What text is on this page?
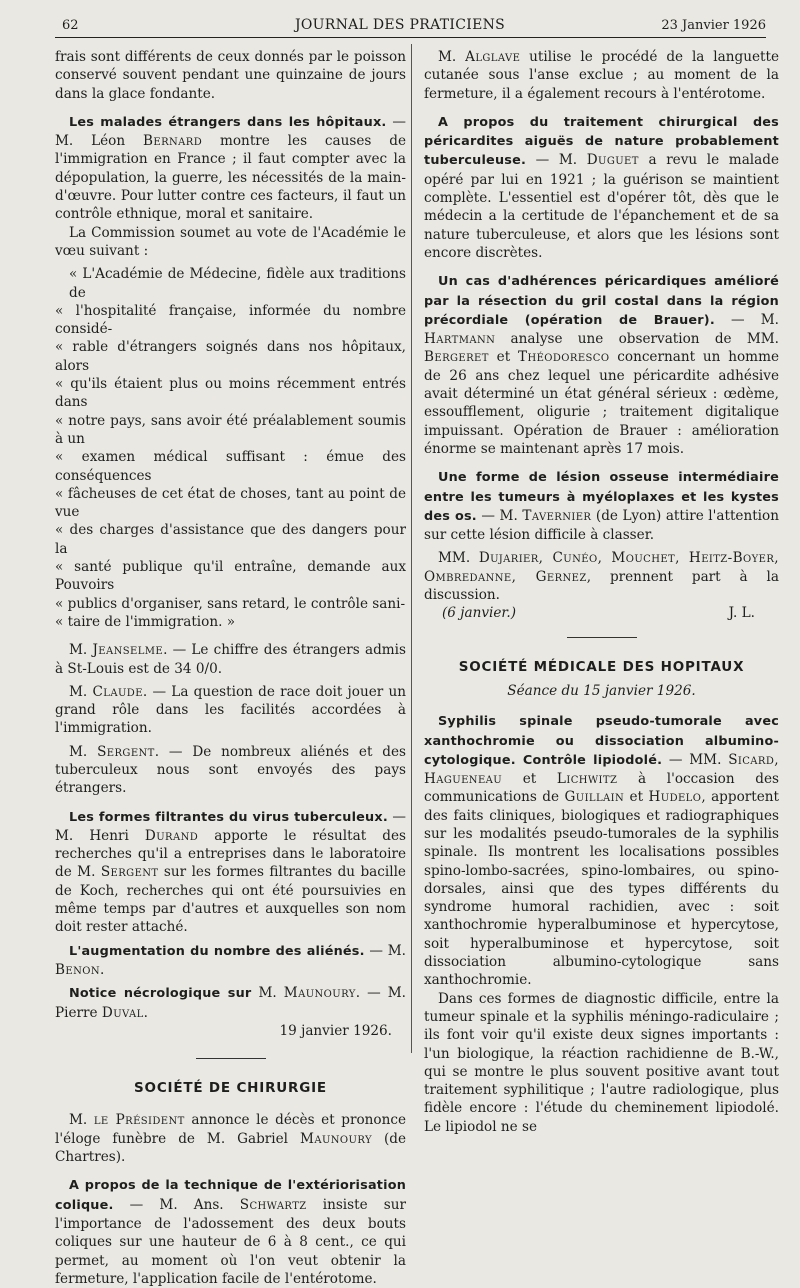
62	JOURNAL DES PRATICIENS	23 Janvier 1926

frais sont différents de ceux donnés par le poisson conservé souvent pendant une quinzaine de jours dans la glace fondante.

Les malades étrangers dans les hôpitaux. — M. Léon Bernard montre les causes de l'immigration en France ; il faut compter avec la dépopulation, la guerre, les nécessités de la main-d'œuvre. Pour lutter contre ces facteurs, il faut un contrôle ethnique, moral et sanitaire.

La Commission soumet au vote de l'Académie le vœu suivant :

« L'Académie de Médecine, fidèle aux traditions de
« l'hospitalité française, informée du nombre considé-
« rable d'étrangers soignés dans nos hôpitaux, alors
« qu'ils étaient plus ou moins récemment entrés dans
« notre pays, sans avoir été préalablement soumis à un
« examen médical suffisant : émue des conséquences
« fâcheuses de cet état de choses, tant au point de vue
« des charges d'assistance que des dangers pour la
« santé publique qu'il entraîne, demande aux Pouvoirs
« publics d'organiser, sans retard, le contrôle sani-
« taire de l'immigration. »

M. Jeanselme. — Le chiffre des étrangers admis à St-Louis est de 34 0/0.

M. Claude. — La question de race doit jouer un grand rôle dans les facilités accordées à l'immigration.

M. Sergent. — De nombreux aliénés et des tuberculeux nous sont envoyés des pays étrangers.

Les formes filtrantes du virus tuberculeux. — M. Henri Durand apporte le résultat des recherches qu'il a entreprises dans le laboratoire de M. Sergent sur les formes filtrantes du bacille de Koch, recherches qui ont été poursuivies en même temps par d'autres et auxquelles son nom doit rester attaché.

L'augmentation du nombre des aliénés. — M. Benon.

Notice nécrologique sur M. Maunoury. — M. Pierre Duval.

19 janvier 1926.

SOCIÉTÉ DE CHIRURGIE

M. le Président annonce le décès et prononce l'éloge funèbre de M. Gabriel Maunoury (de Chartres).

A propos de la technique de l'extériorisation colique. — M. Ans. Schwartz insiste sur l'importance de l'adossement des deux bouts coliques sur une hauteur de 6 à 8 cent., ce qui permet, au moment où l'on veut obtenir la fermeture, l'application facile de l'entérotome.

M. Alglave utilise le procédé de la languette cutanée sous l'anse exclue ; au moment de la fermeture, il a également recours à l'entérotome.

A propos du traitement chirurgical des péricardites aiguës de nature probablement tuberculeuse. — M. Duguet a revu le malade opéré par lui en 1921 ; la guérison se maintient complète. L'essentiel est d'opérer tôt, dès que le médecin a la certitude de l'épanchement et de sa nature tuberculeuse, et alors que les lésions sont encore discrètes.

Un cas d'adhérences péricardiques amélioré par la résection du gril costal dans la région précordiale (opération de Brauer). — M. Hartmann analyse une observation de MM. Bergeret et Théodoresco concernant un homme de 26 ans chez lequel une péricardite adhésive avait déterminé un état général sérieux : œdème, essoufflement, oligurie ; traitement digitalique impuissant. Opération de Brauer : amélioration énorme se maintenant après 17 mois.

Une forme de lésion osseuse intermédiaire entre les tumeurs à myéloplaxes et les kystes des os. — M. Tavernier (de Lyon) attire l'attention sur cette lésion difficile à classer.

MM. Dujarier, Cunéo, Mouchet, Heitz-Boyer, Ombredanne, Gernez, prennent part à la discussion.

(6 janvier.)	J. L.

SOCIÉTÉ MÉDICALE DES HOPITAUX

Séance du 15 janvier 1926.

Syphilis spinale pseudo-tumorale avec xanthochromie ou dissociation albumino-cytologique. Contrôle lipiodolé. — MM. Sicard, Hagueneau et Lichwitz à l'occasion des communications de Guillain et Hudelo, apportent des faits cliniques, biologiques et radiographiques sur les modalités pseudo-tumorales de la syphilis spinale. Ils montrent les localisations possibles spino-lombo-sacrées, spino-lombaires, ou spino-dorsales, ainsi que des types différents du syndrome humoral rachidien, avec : soit xanthochromie hyperalbuminose et hypercytose, soit hyperalbuminose et hypercytose, soit dissociation albumino-cytologique sans xanthochromie.

Dans ces formes de diagnostic difficile, entre la tumeur spinale et la syphilis méningo-radiculaire ; ils font voir qu'il existe deux signes importants : l'un biologique, la réaction rachidienne de B.-W., qui se montre le plus souvent positive avant tout traitement syphilitique ; l'autre radiologique, plus fidèle encore : l'étude du cheminement lipiodolé. Le lipiodol ne se
